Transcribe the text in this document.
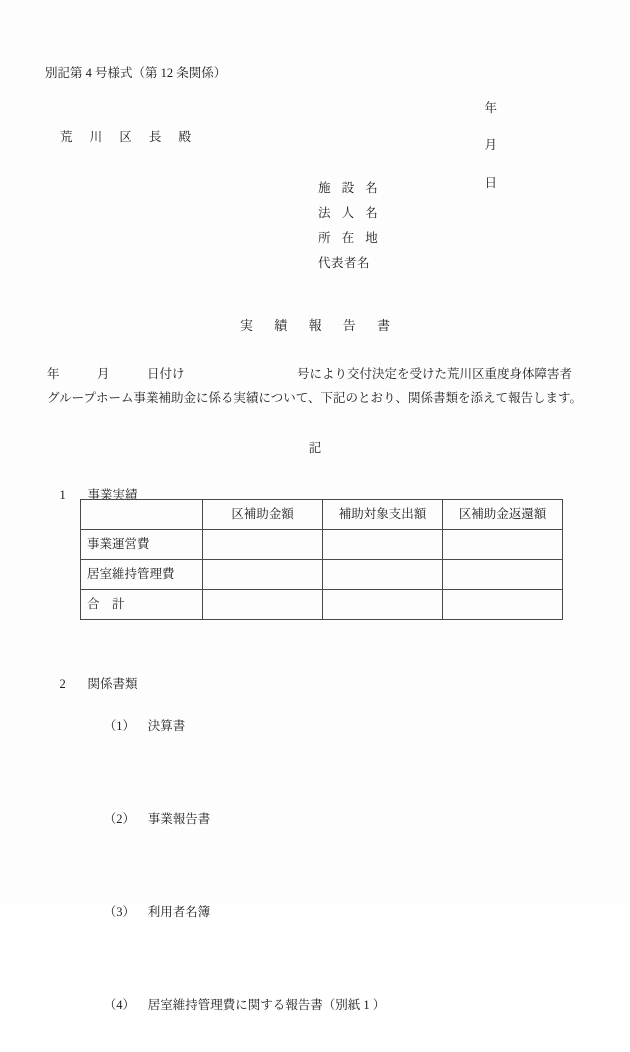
別記第 4 号様式（第 12 条関係）

年

月

日

荒 川 区 長 殿
施 設 名
法 人 名
所 在 地
代表者名
実 績 報 告 書
年　　　月　　　日付け　　　　　　　　　号により交付決定を受けた荒川区重度身体障害者
グループホーム事業補助金に係る実績について、下記のとおり、関係書類を添えて報告します。
記

1 事業実績

	区補助金額	補助対象支出額	区補助金返還額
事業運営費			
居室維持管理費			
合　計			

2 関係書類

（1） 決算書

（2） 事業報告書

（3） 利用者名簿

（4） 居室維持管理費に関する報告書（別紙 1 ）
